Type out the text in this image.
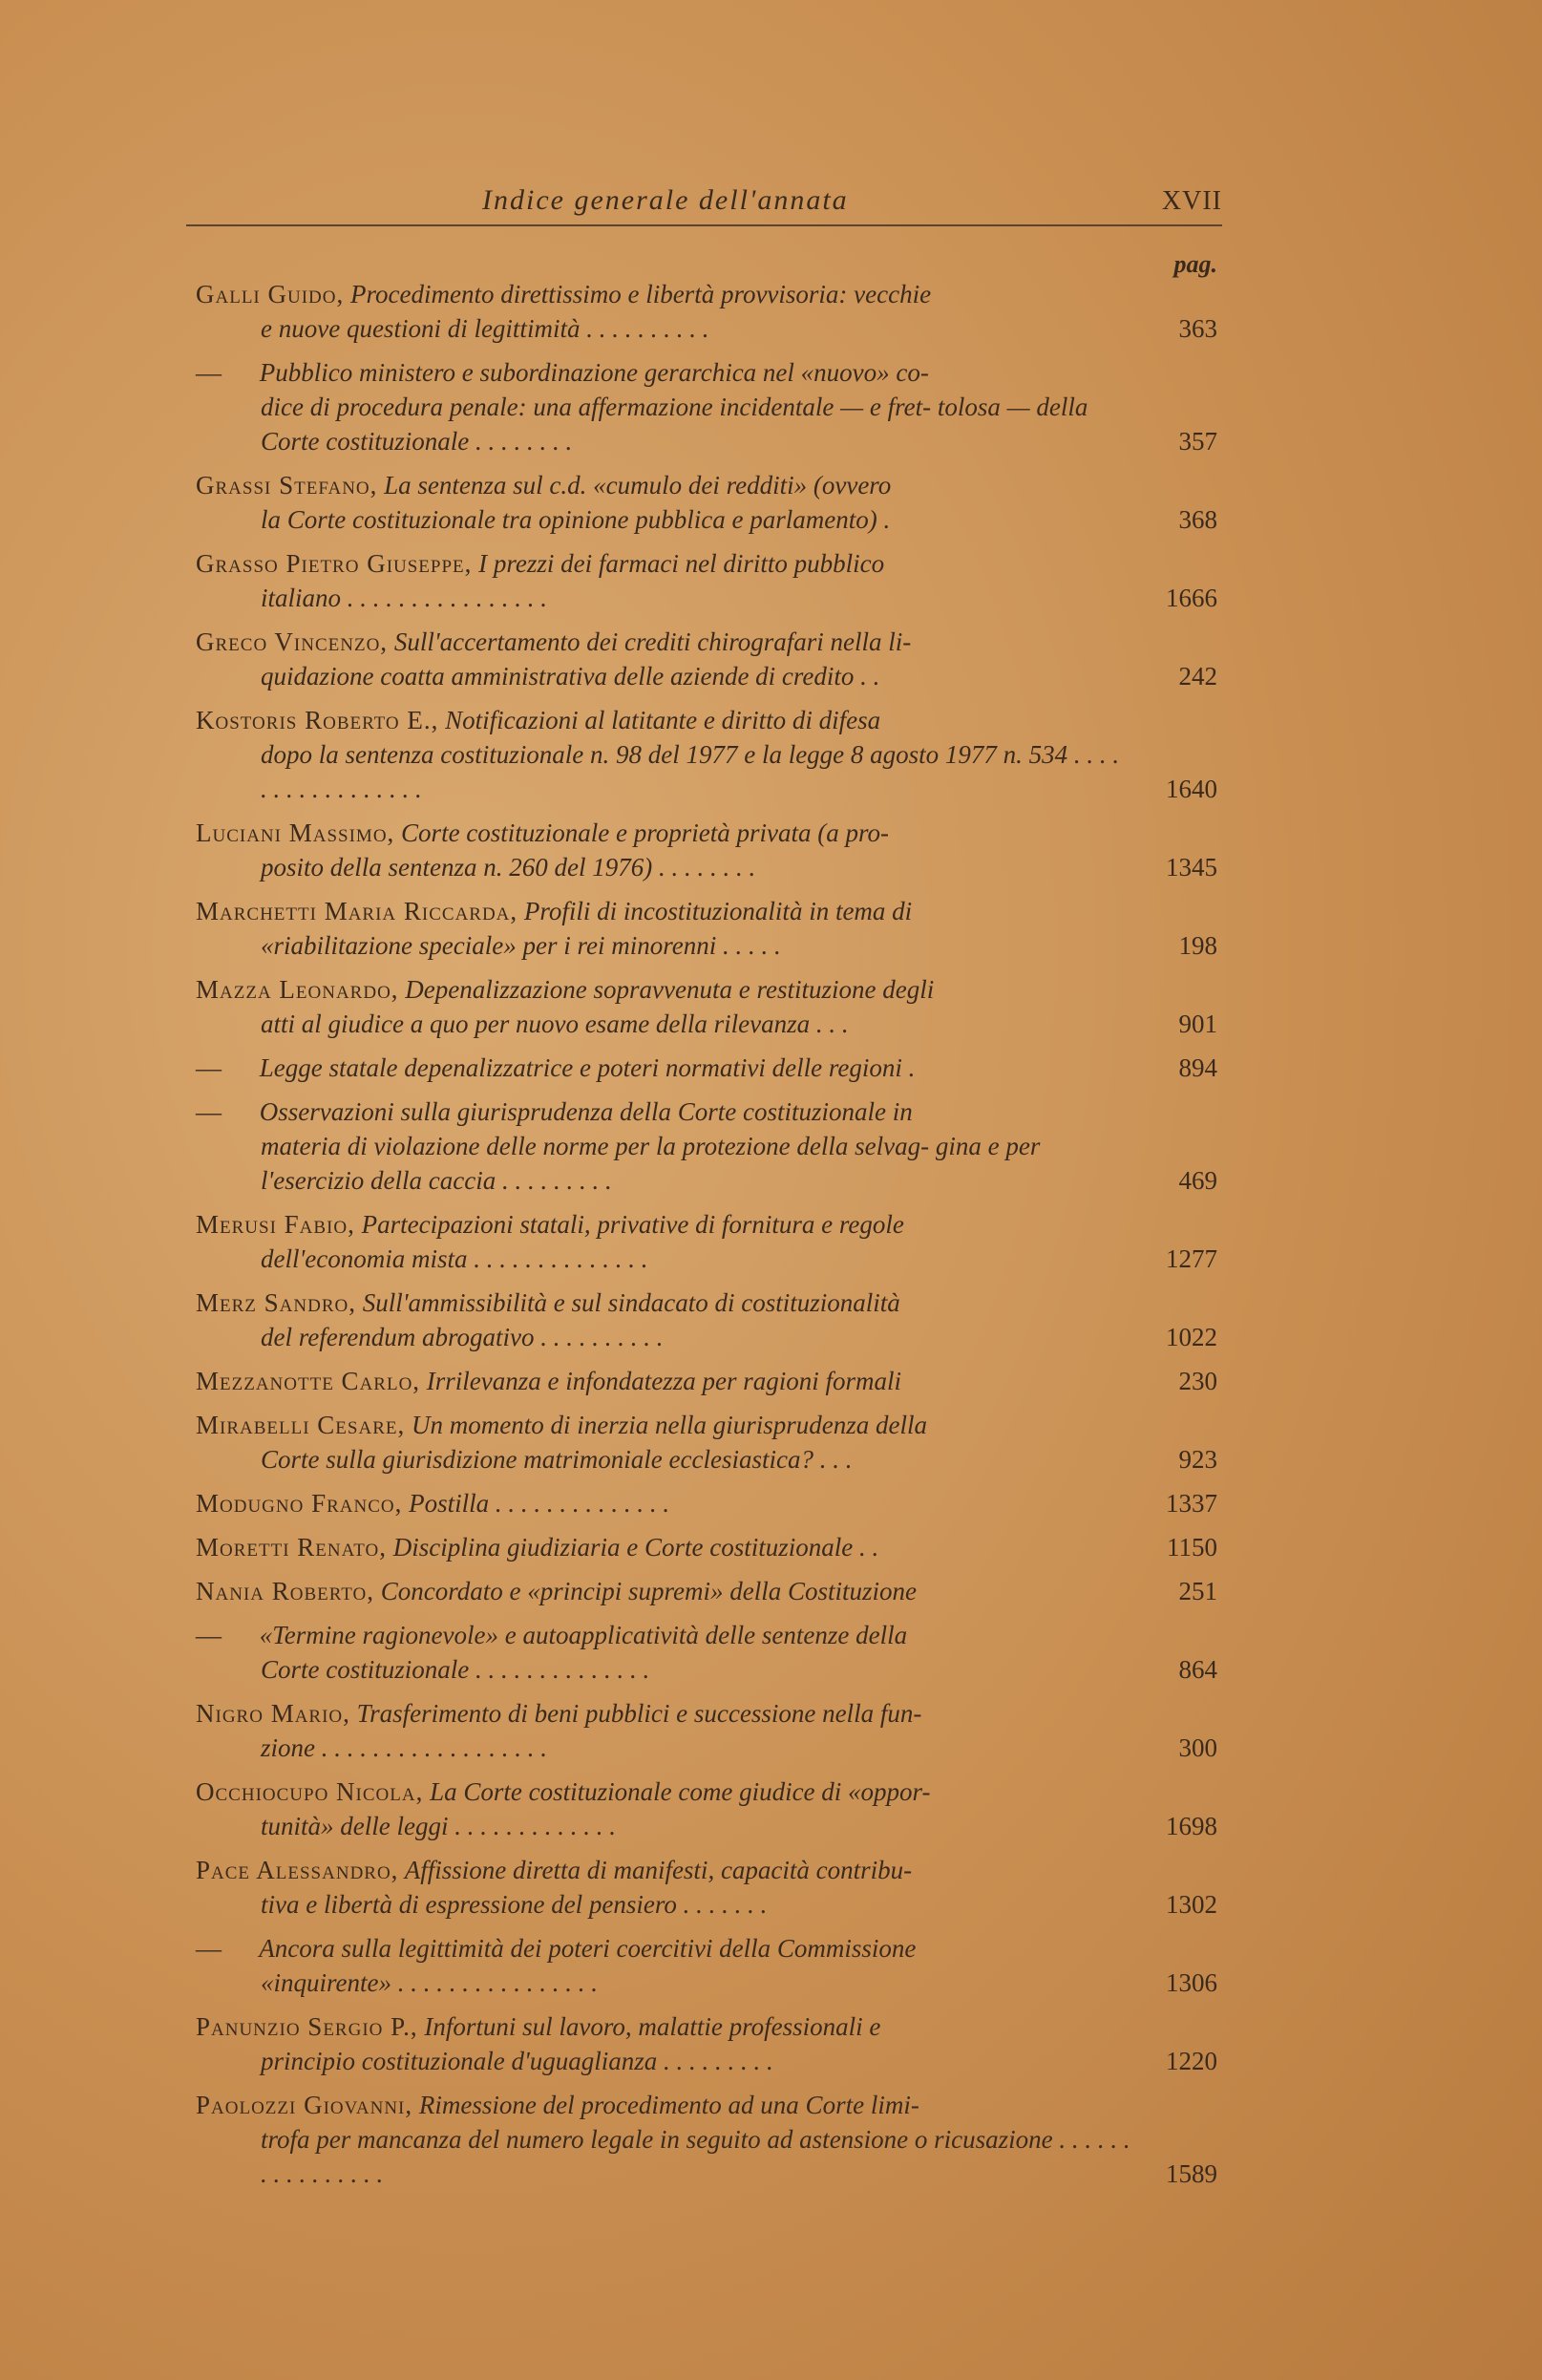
Indice generale dell'annata	XVII
pag.
Galli Guido, Procedimento direttissimo e libertà provvisoria: vecchie
e nuove questioni di legittimità . . . . . . . . . .	363
— Pubblico ministero e subordinazione gerarchica nel «nuovo» co-
dice di procedura penale: una affermazione incidentale — e fret- tolosa — della Corte costituzionale . . . . . . . .	357
Grassi Stefano, La sentenza sul c.d. «cumulo dei redditi» (ovvero
la Corte costituzionale tra opinione pubblica e parlamento) .	368
Grasso Pietro Giuseppe, I prezzi dei farmaci nel diritto pubblico
italiano . . . . . . . . . . . . . . . .	1666
Greco Vincenzo, Sull'accertamento dei crediti chirografari nella li-
quidazione coatta amministrativa delle aziende di credito . .	242
Kostoris Roberto E., Notificazioni al latitante e diritto di difesa
dopo la sentenza costituzionale n. 98 del 1977 e la legge 8 agosto 1977 n. 534 . . . . . . . . . . . . . . . . .	1640
Luciani Massimo, Corte costituzionale e proprietà privata (a pro-
posito della sentenza n. 260 del 1976) . . . . . . . .	1345
Marchetti Maria Riccarda, Profili di incostituzionalità in tema di
«riabilitazione speciale» per i rei minorenni . . . . .	198
Mazza Leonardo, Depenalizzazione sopravvenuta e restituzione degli
atti al giudice a quo per nuovo esame della rilevanza . . .	901
— Legge statale depenalizzatrice e poteri normativi delle regioni .	894
— Osservazioni sulla giurisprudenza della Corte costituzionale in
materia di violazione delle norme per la protezione della selvag- gina e per l'esercizio della caccia . . . . . . . . .	469
Merusi Fabio, Partecipazioni statali, privative di fornitura e regole
dell'economia mista . . . . . . . . . . . . . .	1277
Merz Sandro, Sull'ammissibilità e sul sindacato di costituzionalità
del referendum abrogativo . . . . . . . . . .	1022
Mezzanotte Carlo, Irrilevanza e infondatezza per ragioni formali	230
Mirabelli Cesare, Un momento di inerzia nella giurisprudenza della
Corte sulla giurisdizione matrimoniale ecclesiastica? . . .	923
Modugno Franco, Postilla . . . . . . . . . . . . . .	1337
Moretti Renato, Disciplina giudiziaria e Corte costituzionale . .	1150
Nania Roberto, Concordato e «principi supremi» della Costituzione	251
— «Termine ragionevole» e autoapplicatività delle sentenze della
Corte costituzionale . . . . . . . . . . . . . .	864
Nigro Mario, Trasferimento di beni pubblici e successione nella fun-
zione . . . . . . . . . . . . . . . . . .	300
Occhiocupo Nicola, La Corte costituzionale come giudice di «oppor-
tunità» delle leggi . . . . . . . . . . . . .	1698
Pace Alessandro, Affissione diretta di manifesti, capacità contribu-
tiva e libertà di espressione del pensiero . . . . . . .	1302
— Ancora sulla legittimità dei poteri coercitivi della Commissione
«inquirente» . . . . . . . . . . . . . . . .	1306
Panunzio Sergio P., Infortuni sul lavoro, malattie professionali e
principio costituzionale d'uguaglianza . . . . . . . . .	1220
Paolozzi Giovanni, Rimessione del procedimento ad una Corte limi-
trofa per mancanza del numero legale in seguito ad astensione o ricusazione . . . . . . . . . . . . . . . .	1589
